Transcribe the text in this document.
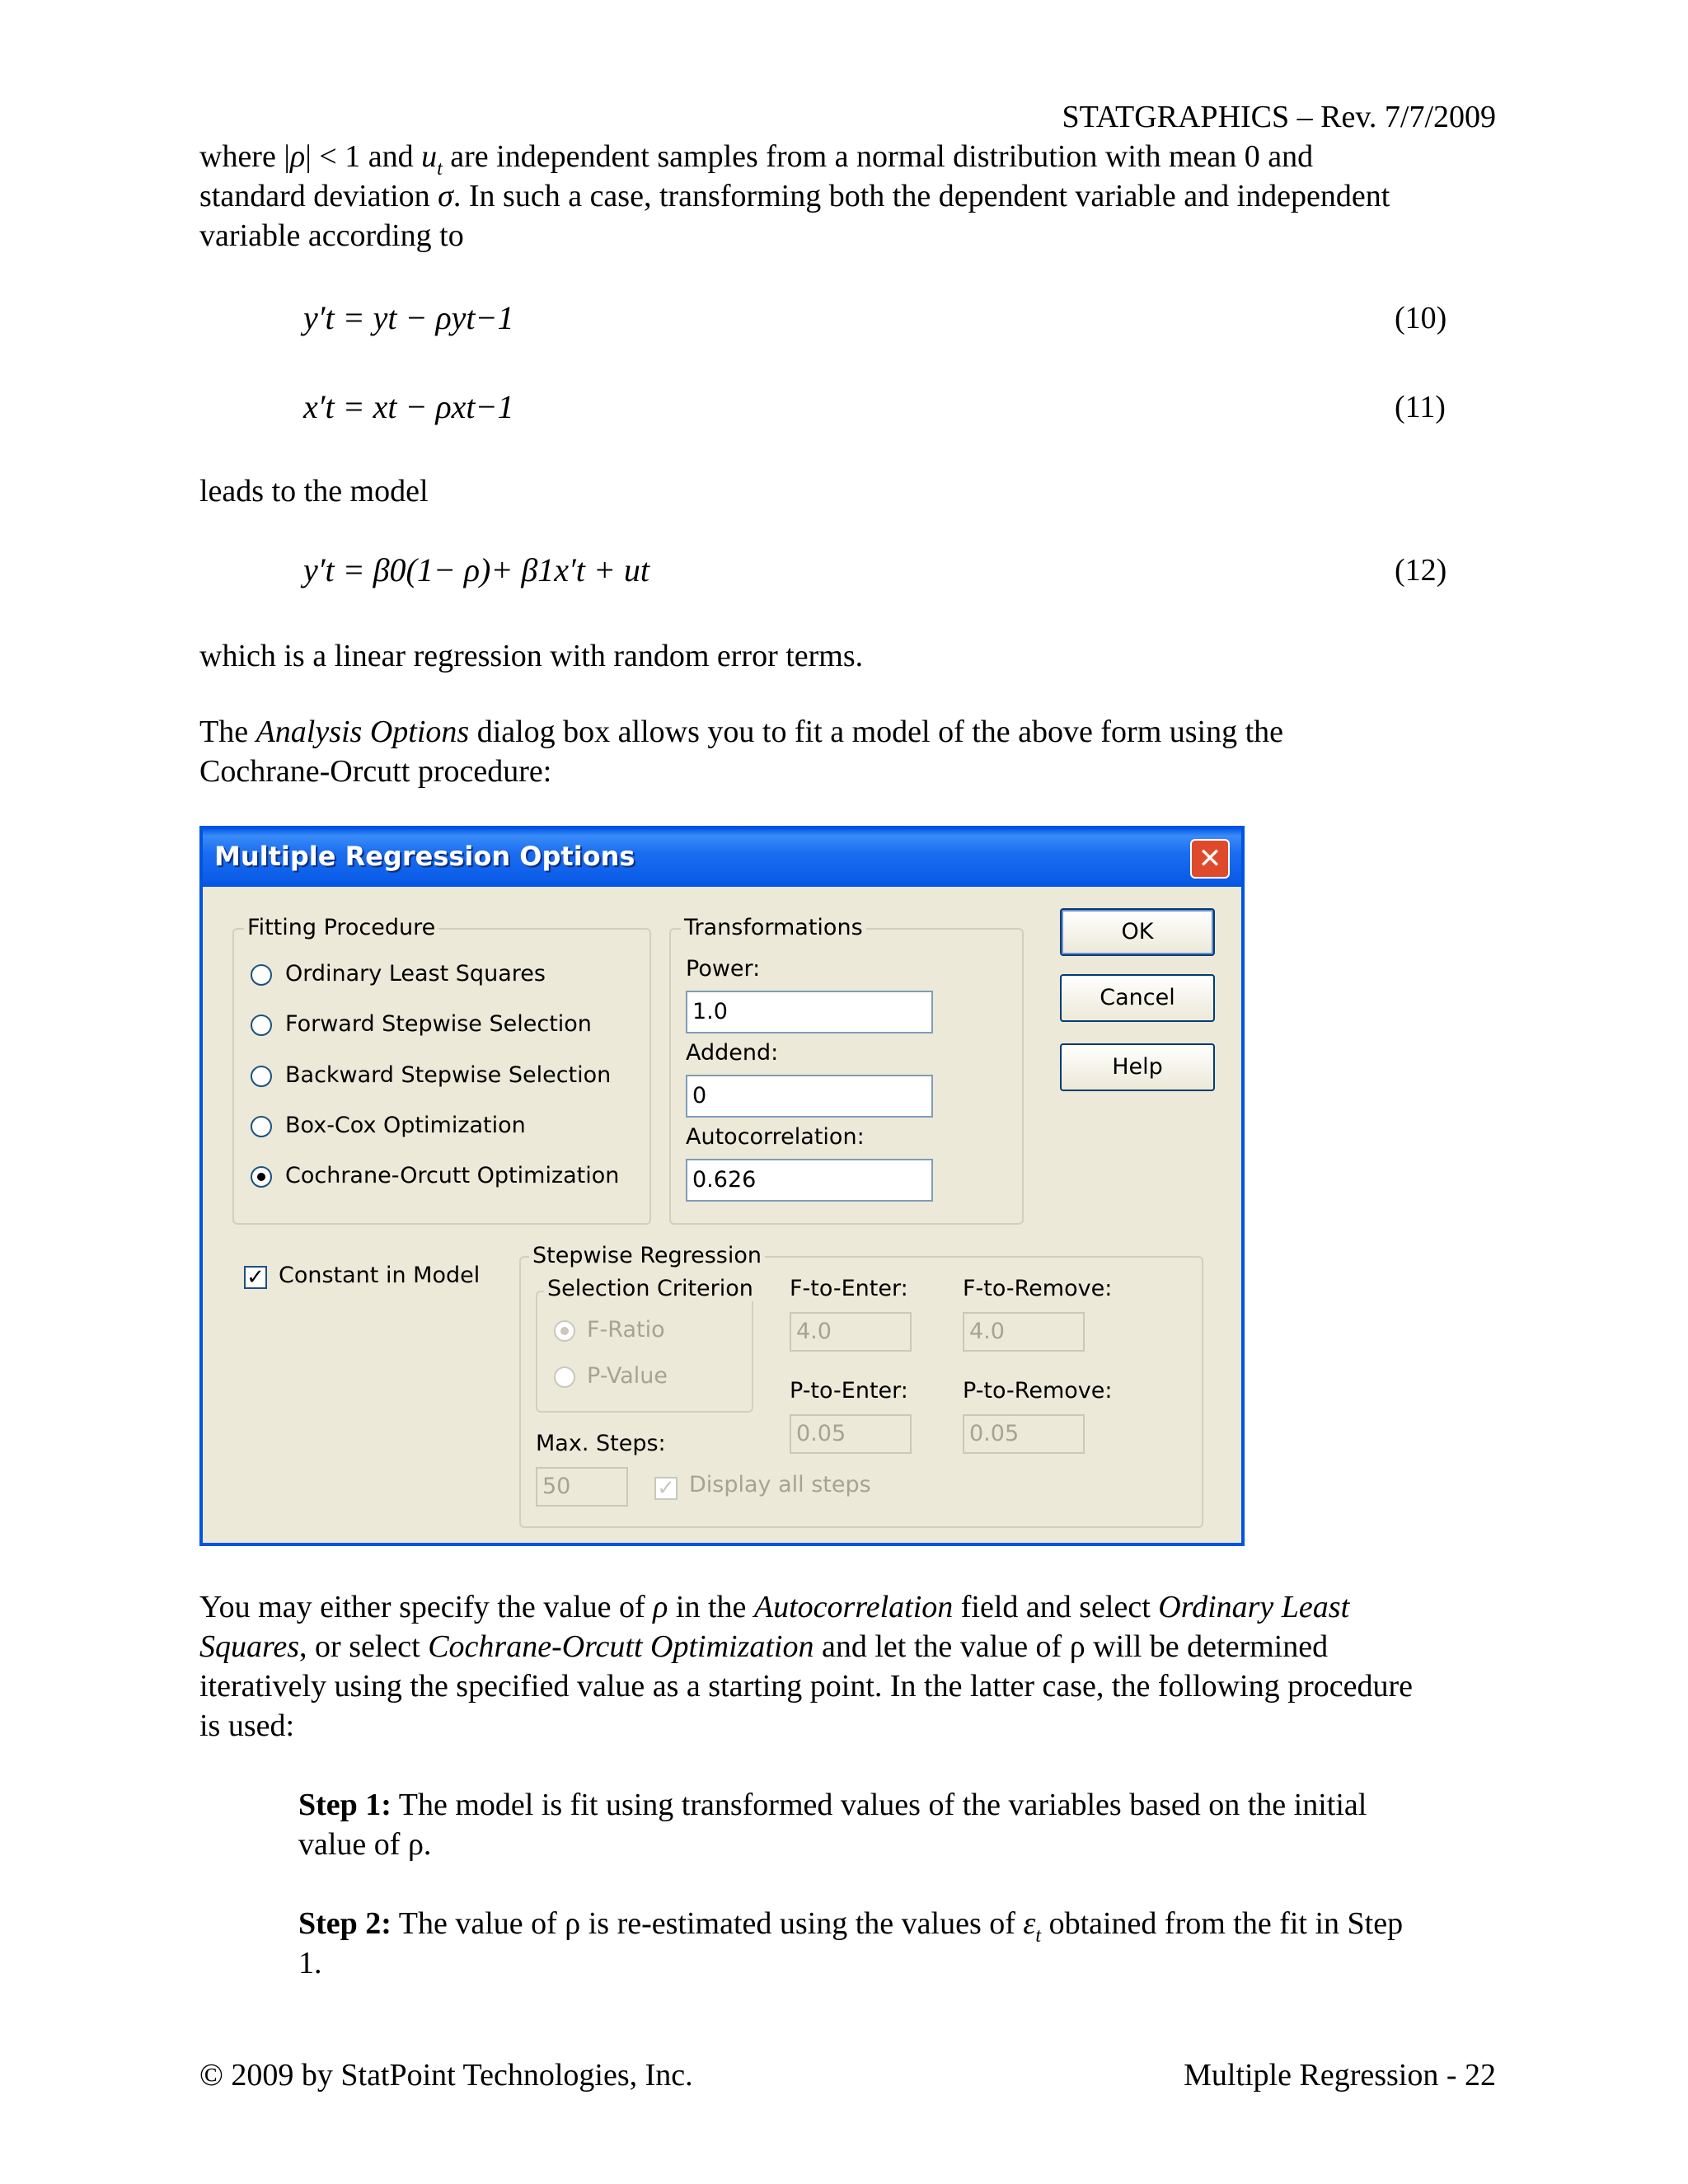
STATGRAPHICS – Rev. 7/7/2009
where |ρ| < 1 and $u_t$ are independent samples from a normal distribution with mean 0 and
standard deviation σ. In such a case, transforming both the dependent variable and independent
variable according to
y′t = yt − ρyt−1	(10)
x′t = xt − ρxt−1	(11)
leads to the model
y′t = β0(1− ρ)+ β1x′t + ut	(12)
which is a linear regression with random error terms.
The Analysis Options dialog box allows you to fit a model of the above form using the
Cochrane-Orcutt procedure:
Multiple Regression Options	✕
Fitting Procedure
Ordinary Least Squares
Forward Stepwise Selection
Backward Stepwise Selection
Box-Cox Optimization
Cochrane-Orcutt Optimization
Transformations
Power:
1.0
Addend:
0
Autocorrelation:
0.626
OK
Cancel
Help
✓ Constant in Model
Stepwise Regression
Selection Criterion
F-Ratio
P-Value
F-to-Enter:
4.0
F-to-Remove:
4.0
P-to-Enter:
0.05
P-to-Remove:
0.05
Max. Steps:
50	✓ Display all steps
You may either specify the value of ρ in the Autocorrelation field and select Ordinary Least
Squares, or select Cochrane-Orcutt Optimization and let the value of ρ will be determined
iteratively using the specified value as a starting point. In the latter case, the following procedure
is used:
Step 1: The model is fit using transformed values of the variables based on the initial
value of ρ.
Step 2: The value of ρ is re-estimated using the values of $\varepsilon_t$ obtained from the fit in Step
1.
© 2009 by StatPoint Technologies, Inc.	Multiple Regression - 22
